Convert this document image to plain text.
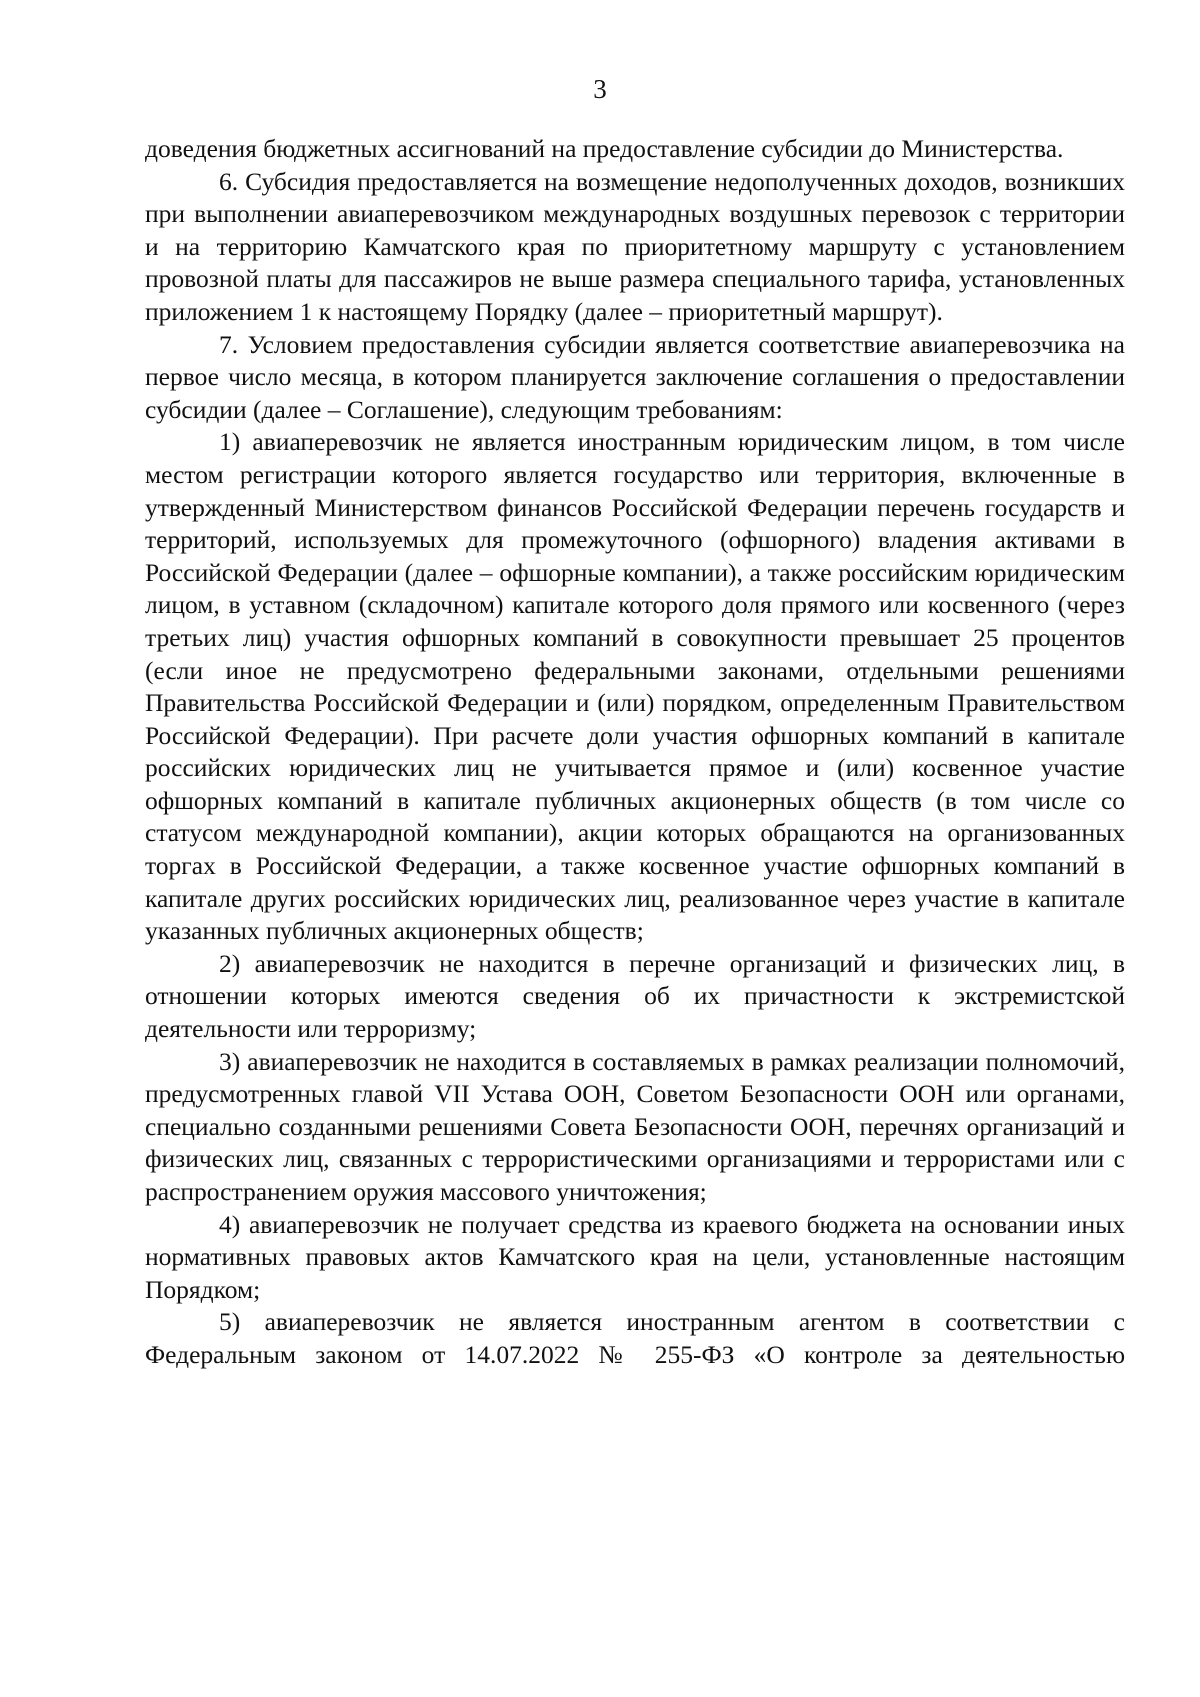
3

доведения бюджетных ассигнований на предоставление субсидии до Министерства.

6. Субсидия предоставляется на возмещение недополученных доходов, возникших при выполнении авиаперевозчиком международных воздушных перевозок с территории и на территорию Камчатского края по приоритетному маршруту с установлением провозной платы для пассажиров не выше размера специального тарифа, установленных приложением 1 к настоящему Порядку (далее – приоритетный маршрут).

7. Условием предоставления субсидии является соответствие авиаперевозчика на первое число месяца, в котором планируется заключение соглашения о предоставлении субсидии (далее – Соглашение), следующим требованиям:

1) авиаперевозчик не является иностранным юридическим лицом, в том числе местом регистрации которого является государство или территория, включенные в утвержденный Министерством финансов Российской Федерации перечень государств и территорий, используемых для промежуточного (офшорного) владения активами в Российской Федерации (далее – офшорные компании), а также российским юридическим лицом, в уставном (складочном) капитале которого доля прямого или косвенного (через третьих лиц) участия офшорных компаний в совокупности превышает 25 процентов (если иное не предусмотрено федеральными законами, отдельными решениями Правительства Российской Федерации и (или) порядком, определенным Правительством Российской Федерации). При расчете доли участия офшорных компаний в капитале российских юридических лиц не учитывается прямое и (или) косвенное участие офшорных компаний в капитале публичных акционерных обществ (в том числе со статусом международной компании), акции которых обращаются на организованных торгах в Российской Федерации, а также косвенное участие офшорных компаний в капитале других российских юридических лиц, реализованное через участие в капитале указанных публичных акционерных обществ;

2) авиаперевозчик не находится в перечне организаций и физических лиц, в отношении которых имеются сведения об их причастности к экстремистской деятельности или терроризму;

3) авиаперевозчик не находится в составляемых в рамках реализации полномочий, предусмотренных главой VII Устава ООН, Советом Безопасности ООН или органами, специально созданными решениями Совета Безопасности ООН, перечнях организаций и физических лиц, связанных с террористическими организациями и террористами или с распространением оружия массового уничтожения;

4) авиаперевозчик не получает средства из краевого бюджета на основании иных нормативных правовых актов Камчатского края на цели, установленные настоящим Порядком;

5) авиаперевозчик не является иностранным агентом в соответствии с Федеральным законом от 14.07.2022 № 255-ФЗ «О контроле за деятельностью
